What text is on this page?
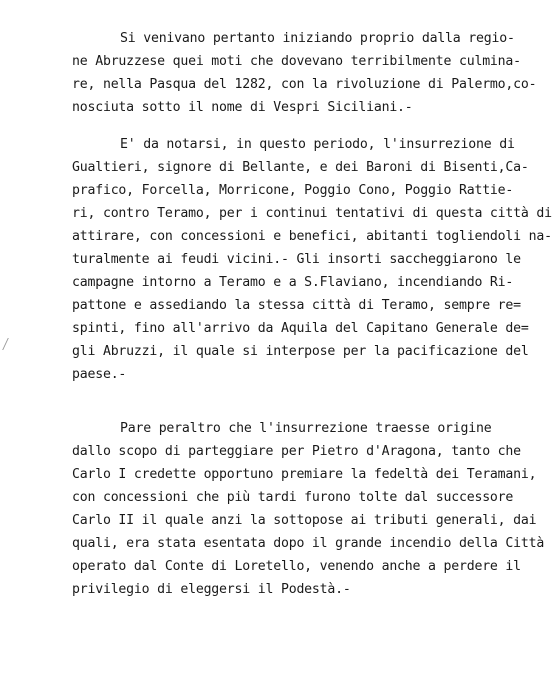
Si venivano pertanto iniziando proprio dalla regio-
ne Abruzzese quei moti che dovevano terribilmente culmina-
re, nella Pasqua del 1282, con la rivoluzione di Palermo,co-
nosciuta sotto il nome di Vespri Siciliani.-
E' da notarsi, in questo periodo, l'insurrezione di
Gualtieri, signore di Bellante, e dei Baroni di Bisenti,Ca-
prafico, Forcella, Morricone, Poggio Cono, Poggio Rattie-
ri, contro Teramo, per i continui tentativi di questa città di
attirare, con concessioni e benefici, abitanti togliendoli na-
turalmente ai feudi vicini.- Gli insorti saccheggiarono le
campagne intorno a Teramo e a S.Flaviano, incendiando Ri-
pattone e assediando la stessa città di Teramo, sempre re=
spinti, fino all'arrivo da Aquila del Capitano Generale de=
gli Abruzzi, il quale si interpose per la pacificazione del
paese.-
Pare peraltro che l'insurrezione traesse origine
dallo scopo di parteggiare per Pietro d'Aragona, tanto che
Carlo I credette opportuno premiare la fedeltà dei Teramani,
con concessioni che più tardi furono tolte dal successore
Carlo II il quale anzi la sottopose ai tributi generali, dai
quali, era stata esentata dopo il grande incendio della Città
operato dal Conte di Loretello, venendo anche a perdere il
privilegio di eleggersi il Podestà.-
